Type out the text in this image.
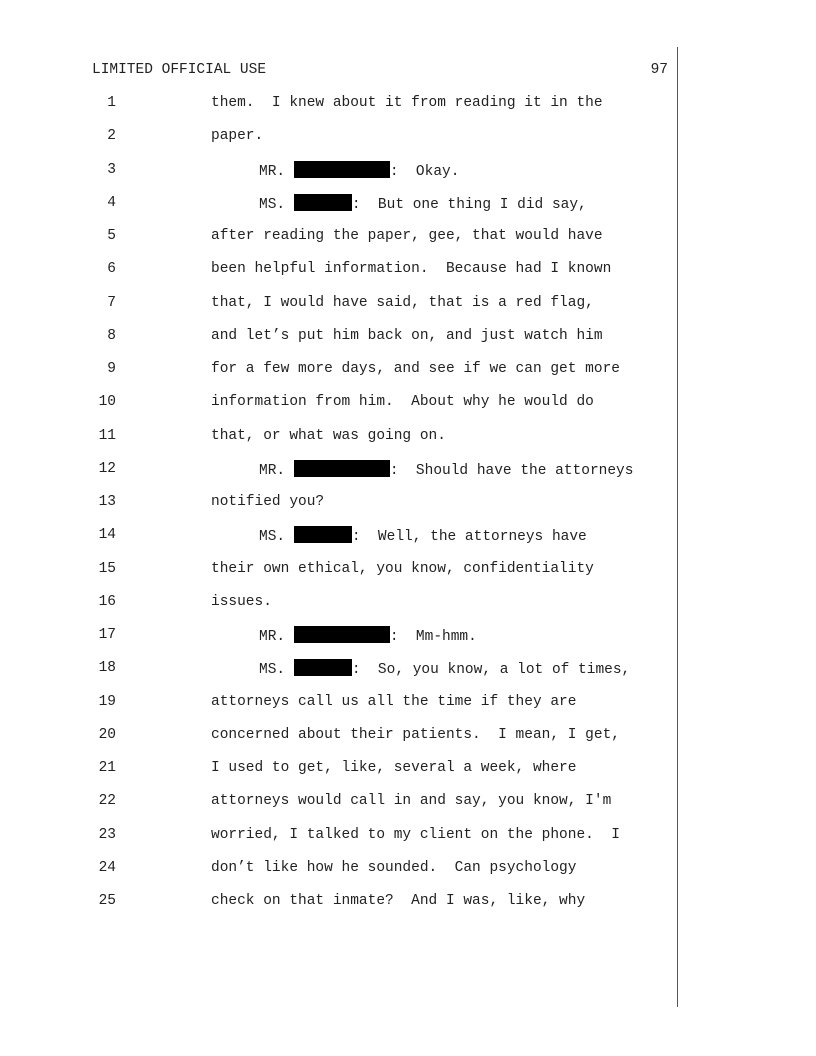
LIMITED OFFICIAL USE	97
1	them.  I knew about it from reading it in the
2	paper.
3	MR.	:  Okay.
4	MS.	:  But one thing I did say,
5	after reading the paper, gee, that would have
6	been helpful information.  Because had I known
7	that, I would have said, that is a red flag,
8	and let’s put him back on, and just watch him
9	for a few more days, and see if we can get more
10	information from him.  About why he would do
11	that, or what was going on.
12	MR.	:  Should have the attorneys
13	notified you?
14	MS.	:  Well, the attorneys have
15	their own ethical, you know, confidentiality
16	issues.
17	MR.	:  Mm-hmm.
18	MS.	:  So, you know, a lot of times,
19	attorneys call us all the time if they are
20	concerned about their patients.  I mean, I get,
21	I used to get, like, several a week, where
22	attorneys would call in and say, you know, I'm
23	worried, I talked to my client on the phone.  I
24	don’t like how he sounded.  Can psychology
25	check on that inmate?  And I was, like, why
